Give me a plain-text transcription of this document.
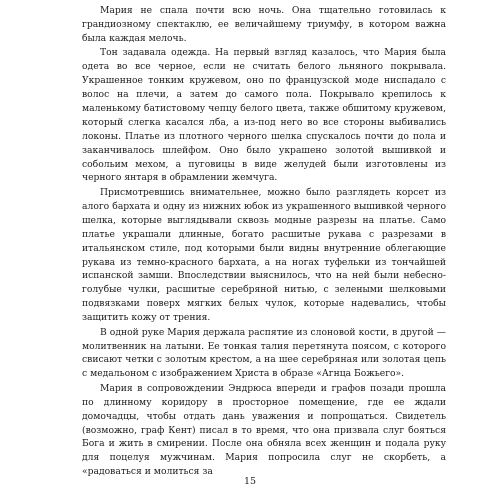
Мария не спала почти всю ночь. Она тщательно готовилась к грандиозному спектаклю, ее величайшему триумфу, в котором важна была каждая мелочь.

Тон задавала одежда. На первый взгляд казалось, что Мария была одета во все черное, если не считать белого льняного покрывала. Украшенное тонким кружевом, оно по французской моде ниспадало с волос на плечи, а затем до самого пола. Покрывало крепилось к маленькому батистовому чепцу белого цвета, также обшитому кружевом, который слегка касался лба, а из-под него во все стороны выбивались локоны. Платье из плотного черного шелка спускалось почти до пола и заканчивалось шлейфом. Оно было украшено золотой вышивкой и собольим мехом, а пуговицы в виде желудей были изготовлены из черного янтаря в обрамлении жемчуга.

Присмотревшись внимательнее, можно было разглядеть корсет из алого бархата и одну из нижних юбок из украшенного вышивкой черного шелка, которые выглядывали сквозь модные разрезы на платье. Само платье украшали длинные, богато расшитые рукава с разрезами в итальянском стиле, под которыми были видны внутренние облегающие рукава из темно-красного бархата, а на ногах туфельки из тончайшей испанской замши. Впоследствии выяснилось, что на ней были небесно-голубые чулки, расшитые серебряной нитью, с зелеными шелковыми подвязками поверх мягких белых чулок, которые надевались, чтобы защитить кожу от трения.

В одной руке Мария держала распятие из слоновой кости, в другой — молитвенник на латыни. Ее тонкая талия перетянута поясом, с которого свисают четки с золотым крестом, а на шее серебряная или золотая цепь с медальоном с изображением Христа в образе «Агнца Божьего».

Мария в сопровождении Эндрюса впереди и графов позади прошла по длинному коридору в просторное помещение, где ее ждали домочадцы, чтобы отдать дань уважения и попрощаться. Свидетель (возможно, граф Кент) писал в то время, что она призвала слуг бояться Бога и жить в смирении. После она обняла всех женщин и подала руку для поцелуя мужчинам. Мария попросила слуг не скорбеть, а «радоваться и молиться за

15
